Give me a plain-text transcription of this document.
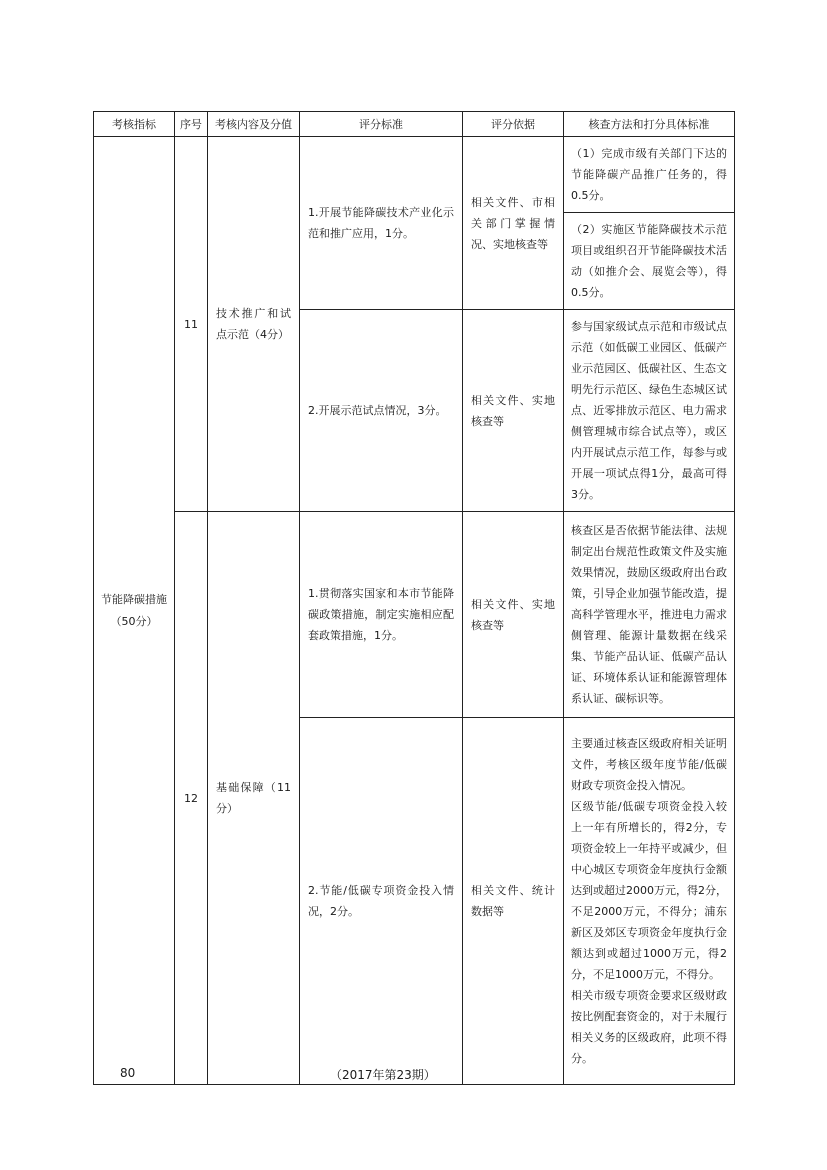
考核指标	序号	考核内容及分值	评分标准	评分依据	核查方法和打分具体标准
节能降碳措施（50分）	11	技术推广和试点示范（4分）	1.开展节能降碳技术产业化示范和推广应用，1分。	相关文件、市相关部门掌握情况、实地核查等	（1）完成市级有关部门下达的节能降碳产品推广任务的，得0.5分。
					（2）实施区节能降碳技术示范项目或组织召开节能降碳技术活动（如推介会、展览会等），得0.5分。
			2.开展示范试点情况，3分。	相关文件、实地核查等	参与国家级试点示范和市级试点示范（如低碳工业园区、低碳产业示范园区、低碳社区、生态文明先行示范区、绿色生态城区试点、近零排放示范区、电力需求侧管理城市综合试点等），或区内开展试点示范工作，每参与或开展一项试点得1分，最高可得3分。
	12	基础保障（11分）	1.贯彻落实国家和本市节能降碳政策措施，制定实施相应配套政策措施，1分。	相关文件、实地核查等	核查区是否依据节能法律、法规制定出台规范性政策文件及实施效果情况，鼓励区级政府出台政策，引导企业加强节能改造，提高科学管理水平，推进电力需求侧管理、能源计量数据在线采集、节能产品认证、低碳产品认证、环境体系认证和能源管理体系认证、碳标识等。
			2.节能/低碳专项资金投入情况，2分。	相关文件、统计数据等	主要通过核查区级政府相关证明文件，考核区级年度节能/低碳财政专项资金投入情况。

区级节能/低碳专项资金投入较上一年有所增长的，得2分，专项资金较上一年持平或减少，但中心城区专项资金年度执行金额达到或超过2000万元，得2分，不足2000万元，不得分；浦东新区及郊区专项资金年度执行金额达到或超过1000万元，得2分，不足1000万元，不得分。

相关市级专项资金要求区级财政按比例配套资金的，对于未履行相关义务的区级政府，此项不得分。

80	（2017年第23期）
